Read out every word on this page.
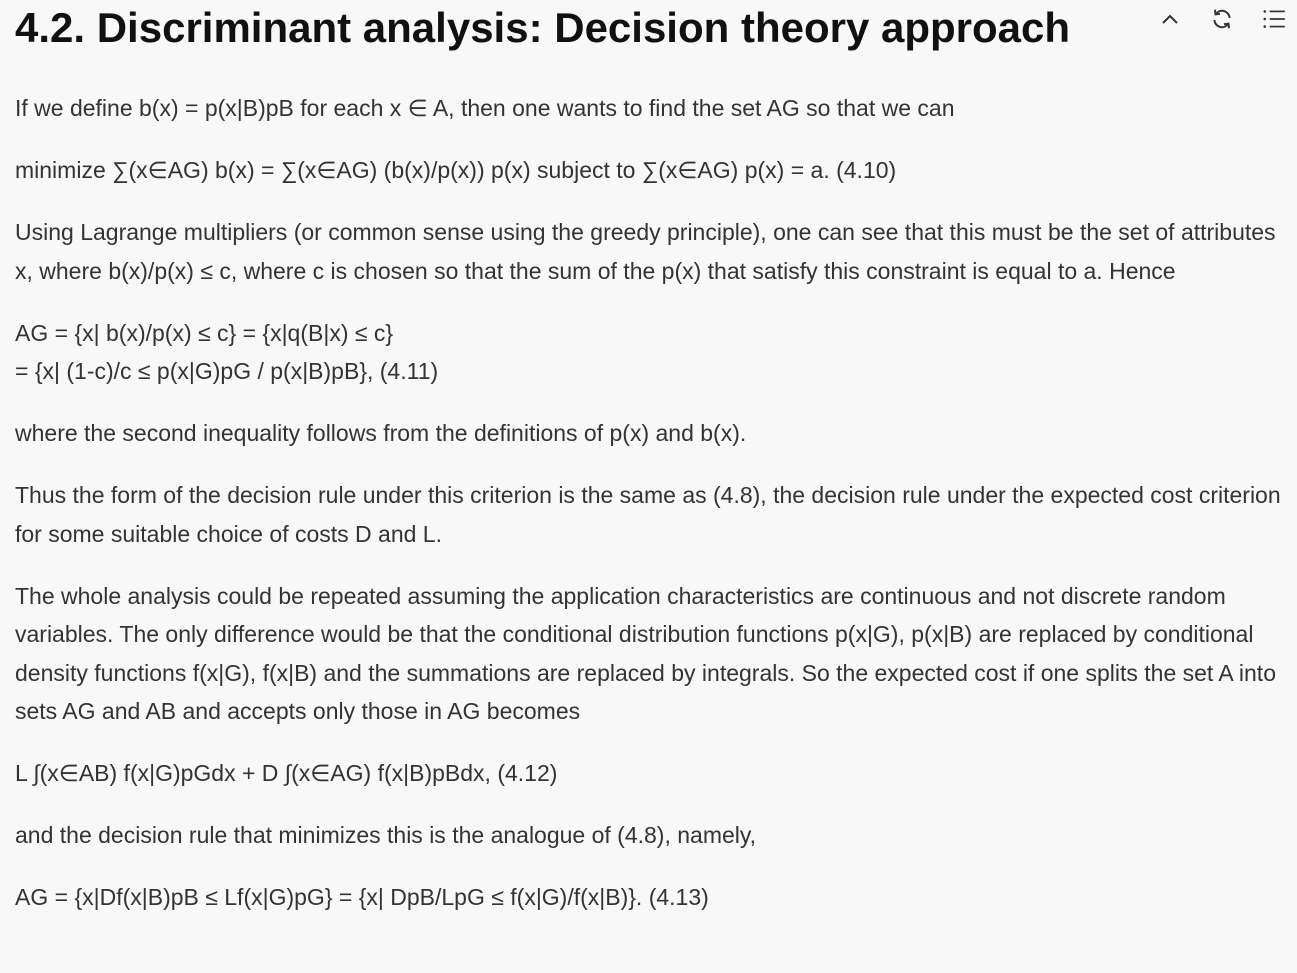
4.2. Discriminant analysis: Decision theory approach

If we define b(x) = p(x|B)pB for each x ∈ A, then one wants to find the set AG so that we can

minimize ∑(x∈AG) b(x) = ∑(x∈AG) (b(x)/p(x)) p(x) subject to ∑(x∈AG) p(x) = a. (4.10)

Using Lagrange multipliers (or common sense using the greedy principle), one can see that this must be the set of attributes x, where b(x)/p(x) ≤ c, where c is chosen so that the sum of the p(x) that satisfy this constraint is equal to a. Hence

AG = {x| b(x)/p(x) ≤ c} = {x|q(B|x) ≤ c}

= {x| (1-c)/c ≤ p(x|G)pG / p(x|B)pB}, (4.11)

where the second inequality follows from the definitions of p(x) and b(x).

Thus the form of the decision rule under this criterion is the same as (4.8), the decision rule under the expected cost criterion for some suitable choice of costs D and L.

The whole analysis could be repeated assuming the application characteristics are continuous and not discrete random variables. The only difference would be that the conditional distribution functions p(x|G), p(x|B) are replaced by conditional density functions f(x|G), f(x|B) and the summations are replaced by integrals. So the expected cost if one splits the set A into sets AG and AB and accepts only those in AG becomes

L ∫(x∈AB) f(x|G)pGdx + D ∫(x∈AG) f(x|B)pBdx, (4.12)

and the decision rule that minimizes this is the analogue of (4.8), namely,

AG = {x|Df(x|B)pB ≤ Lf(x|G)pG} = {x| DpB/LpG ≤ f(x|G)/f(x|B)}. (4.13)
